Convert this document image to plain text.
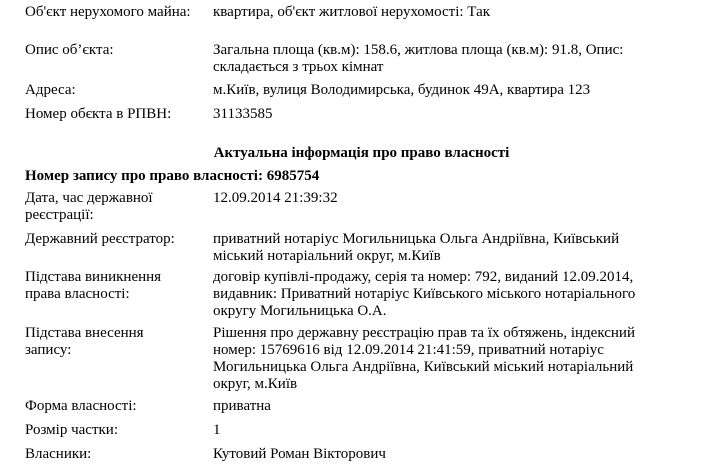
Об'єкт нерухомого майна:	квартира, об'єкт житлової нерухомості: Так
Опис об’єкта:	Загальна площа (кв.м): 158.6, житлова площа (кв.м): 91.8, Опис: складається з трьох кімнат
Адреса:	м.Київ, вулиця Володимирська, будинок 49А, квартира 123
Номер обєкта в РПВН:	31133585
Актуальна інформація про право власності
Номер запису про право власності: 6985754
Дата, час державної реєстрації:
12.09.2014 21:39:32
Державний реєстратор:	приватний нотаріус Могильницька Ольга Андріївна, Київський міський нотаріальний округ, м.Київ
Підстава виникнення права власності:
договір купівлі-продажу, серія та номер: 792, виданий 12.09.2014, видавник: Приватний нотаріус Київського міського нотаріального округу Могильницька О.А.
Підстава внесення запису:
Рішення про державну реєстрацію прав та їх обтяжень, індексний номер: 15769616 від 12.09.2014 21:41:59, приватний нотаріус Могильницька Ольга Андріївна, Київський міський нотаріальний округ, м.Київ
Форма власності:	приватна
Розмір частки:	1
Власники:	Кутовий Роман Вікторович
